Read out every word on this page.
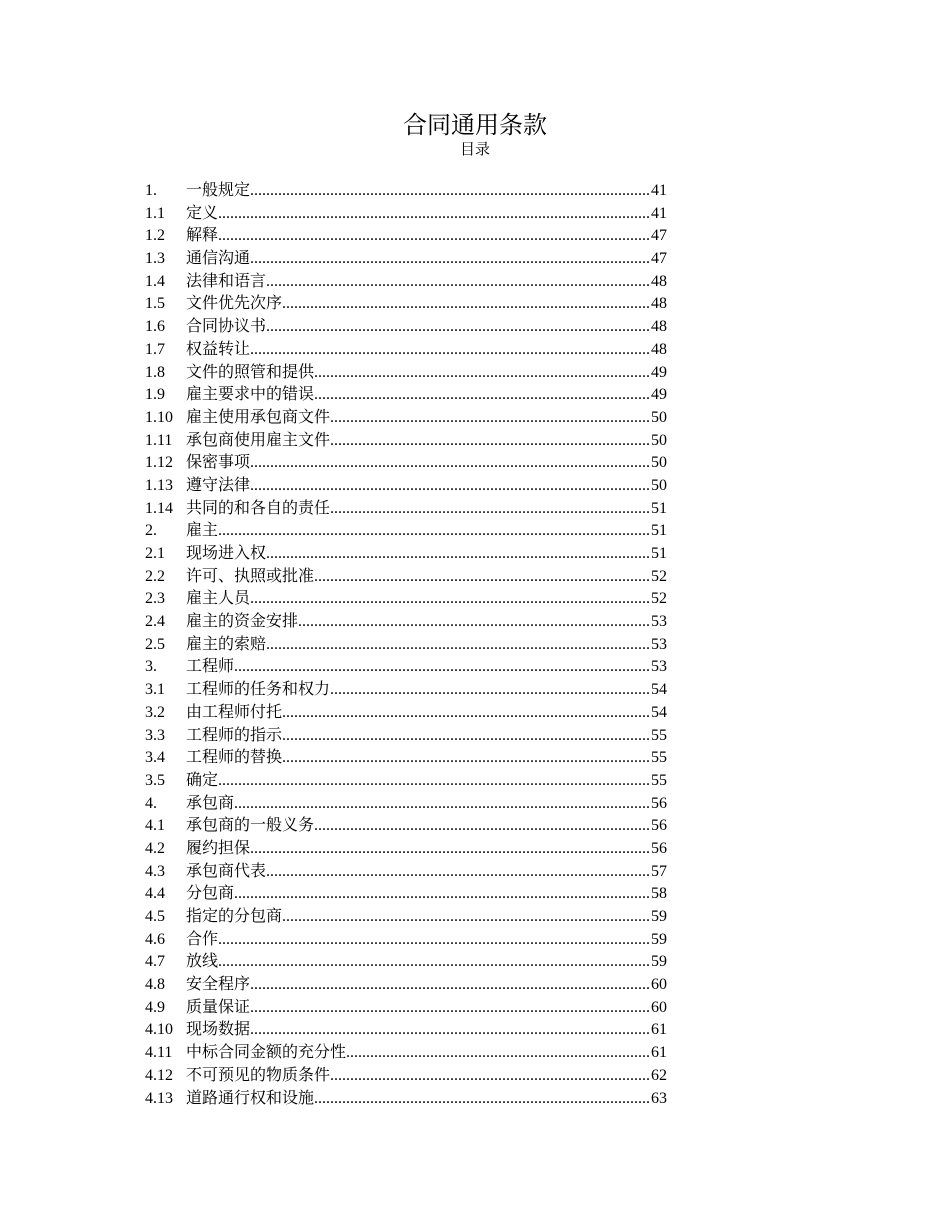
合同通用条款
目录
1.	一般规定 .....	41
1.1	定义 .....	41
1.2	解释 .....	47
1.3	通信沟通 .....	47
1.4	法律和语言 .....	48
1.5	文件优先次序 .....	48
1.6	合同协议书 .....	48
1.7	权益转让 .....	48
1.8	文件的照管和提供 .....	49
1.9	雇主要求中的错误 .....	49
1.10 雇主使用承包商文件 .....	50
1.11 承包商使用雇主文件 .....	50
1.12 保密事项 .....	50
1.13 遵守法律 .....	50
1.14 共同的和各自的责任 .....	51
2.	雇主 .....	51
2.1	现场进入权 .....	51
2.2	许可、执照或批准 .....	52
2.3	雇主人员 .....	52
2.4	雇主的资金安排 .....	53
2.5	雇主的索赔 .....	53
3.	工程师 .....	53
3.1	工程师的任务和权力 .....	54
3.2	由工程师付托 .....	54
3.3	工程师的指示 .....	55
3.4	工程师的替换 .....	55
3.5	确定 .....	55
4.	承包商 .....	56
4.1	承包商的一般义务 .....	56
4.2	履约担保 .....	56
4.3	承包商代表 .....	57
4.4	分包商 .....	58
4.5	指定的分包商 .....	59
4.6	合作 .....	59
4.7	放线 .....	59
4.8	安全程序 .....	60
4.9	质量保证 .....	60
4.10 现场数据 .....	61
4.11 中标合同金额的充分性 .....	61
4.12 不可预见的物质条件 .....	62
4.13 道路通行权和设施 .....	63
